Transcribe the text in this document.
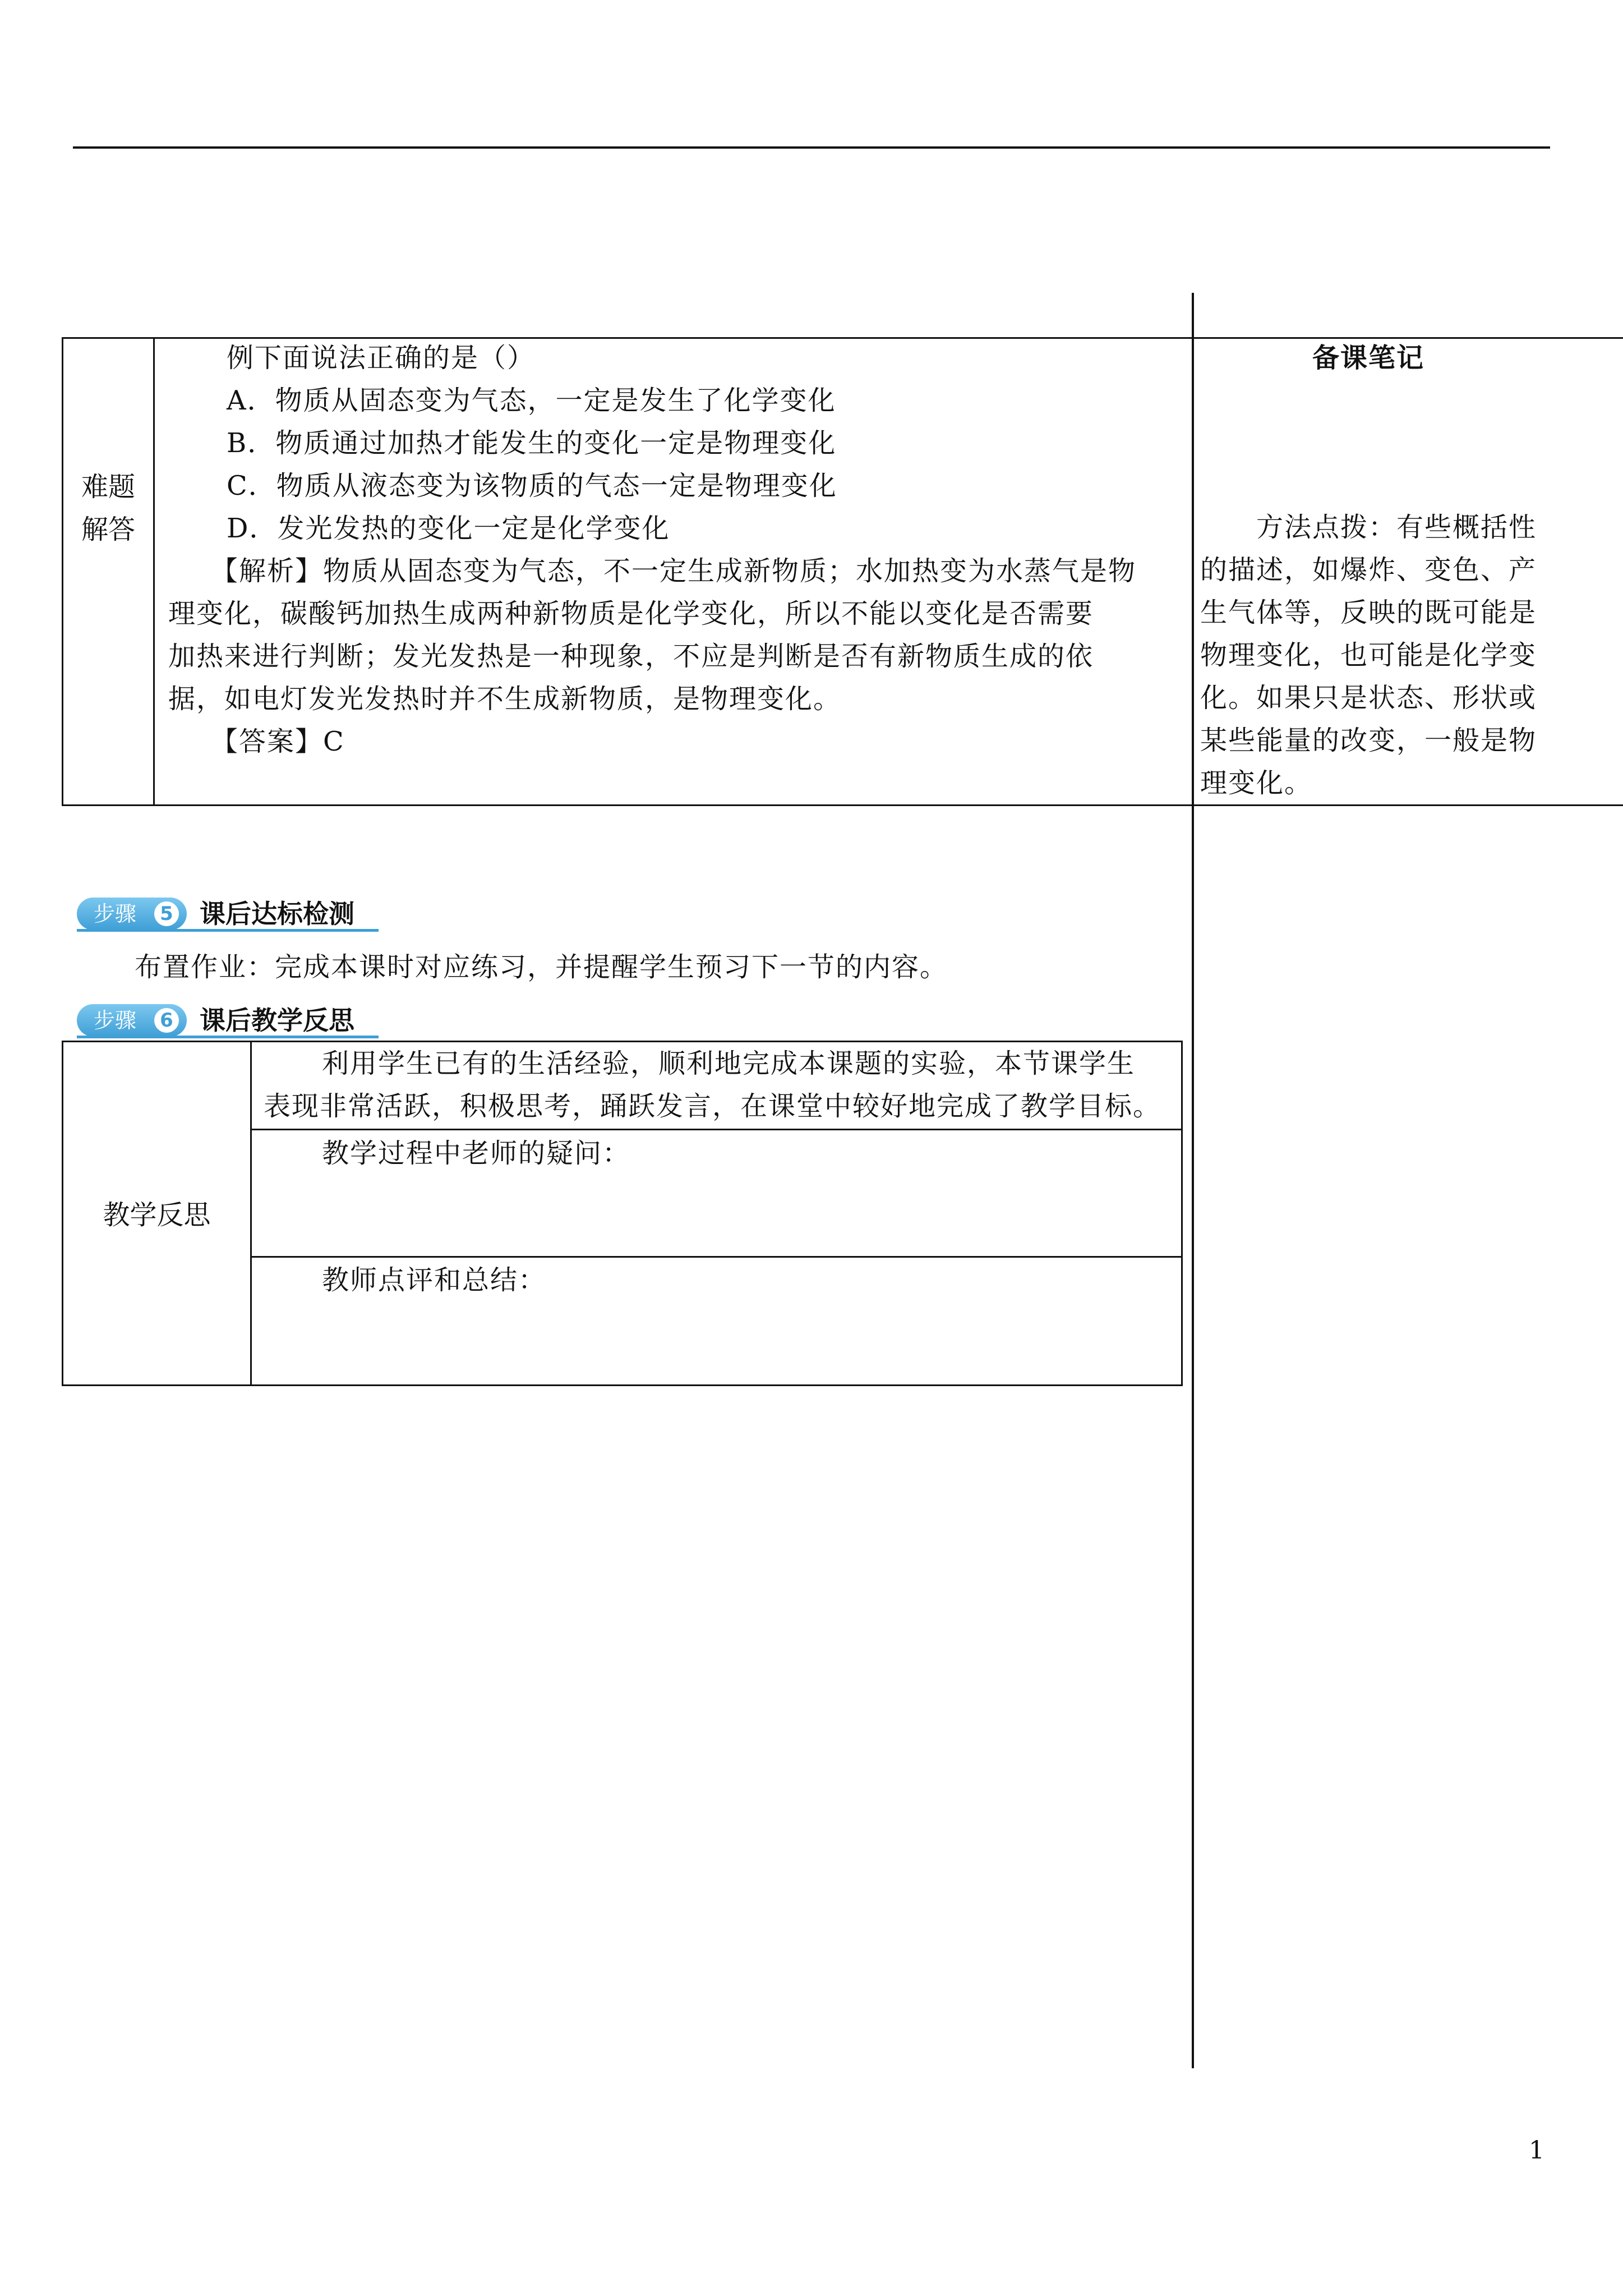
难题
解答
例下面说法正确的是（）
A．物质从固态变为气态，一定是发生了化学变化
B．物质通过加热才能发生的变化一定是物理变化
C．物质从液态变为该物质的气态一定是物理变化
D．发光发热的变化一定是化学变化
【解析】物质从固态变为气态，不一定生成新物质；水加热变为水蒸气是物
理变化，碳酸钙加热生成两种新物质是化学变化，所以不能以变化是否需要
加热来进行判断；发光发热是一种现象，不应是判断是否有新物质生成的依
据，如电灯发光发热时并不生成新物质，是物理变化。
【答案】C
备课笔记
方法点拨：有些概括性
的描述，如爆炸、变色、产
生气体等，反映的既可能是
物理变化，也可能是化学变
化。如果只是状态、形状或
某些能量的改变，一般是物
理变化。
步骤 5 课后达标检测
布置作业：完成本课时对应练习，并提醒学生预习下一节的内容。
步骤 6 课后教学反思
教学反思
利用学生已有的生活经验，顺利地完成本课题的实验，本节课学生
表现非常活跃，积极思考，踊跃发言，在课堂中较好地完成了教学目标。
教学过程中老师的疑问：
教师点评和总结：
1
